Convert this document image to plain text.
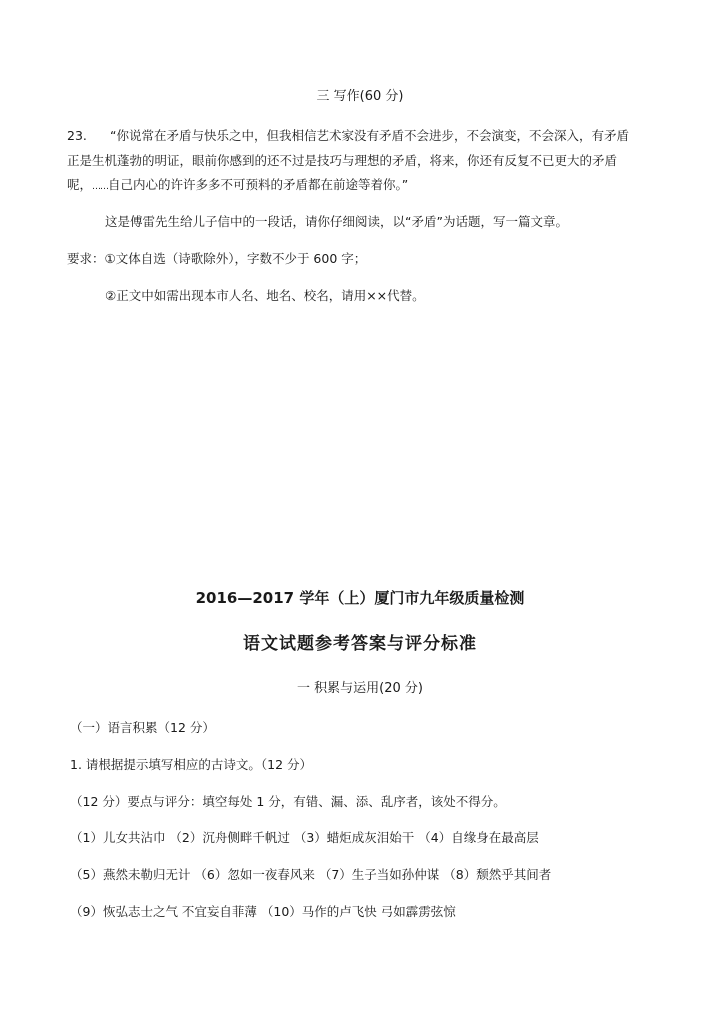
三 写作(60 分)
23. “你说常在矛盾与快乐之中，但我相信艺术家没有矛盾不会进步，不会演变，不会深入，有矛盾
正是生机蓬勃的明证，眼前你感到的还不过是技巧与理想的矛盾，将来，你还有反复不已更大的矛盾
呢，……自己内心的许许多多不可预料的矛盾都在前途等着你。”
这是傅雷先生给儿子信中的一段话，请你仔细阅读，以“矛盾”为话题，写一篇文章。
要求：①文体自选（诗歌除外），字数不少于 600 字；
②正文中如需出现本市人名、地名、校名，请用××代替。
2016—2017 学年（上）厦门市九年级质量检测
语文试题参考答案与评分标准
一 积累与运用(20 分)
（一）语言积累（12 分）
1. 请根据提示填写相应的古诗文。（12 分）
（12 分）要点与评分：填空每处 1 分，有错、漏、添、乱序者，该处不得分。
（1）儿女共沾巾 （2）沉舟侧畔千帆过 （3）蜡炬成灰泪始干 （4）自缘身在最高层
（5）燕然未勒归无计 （6）忽如一夜春风来 （7）生子当如孙仲谋 （8）颓然乎其间者
（9）恢弘志士之气 不宜妄自菲薄 （10）马作的卢飞快 弓如霹雳弦惊
